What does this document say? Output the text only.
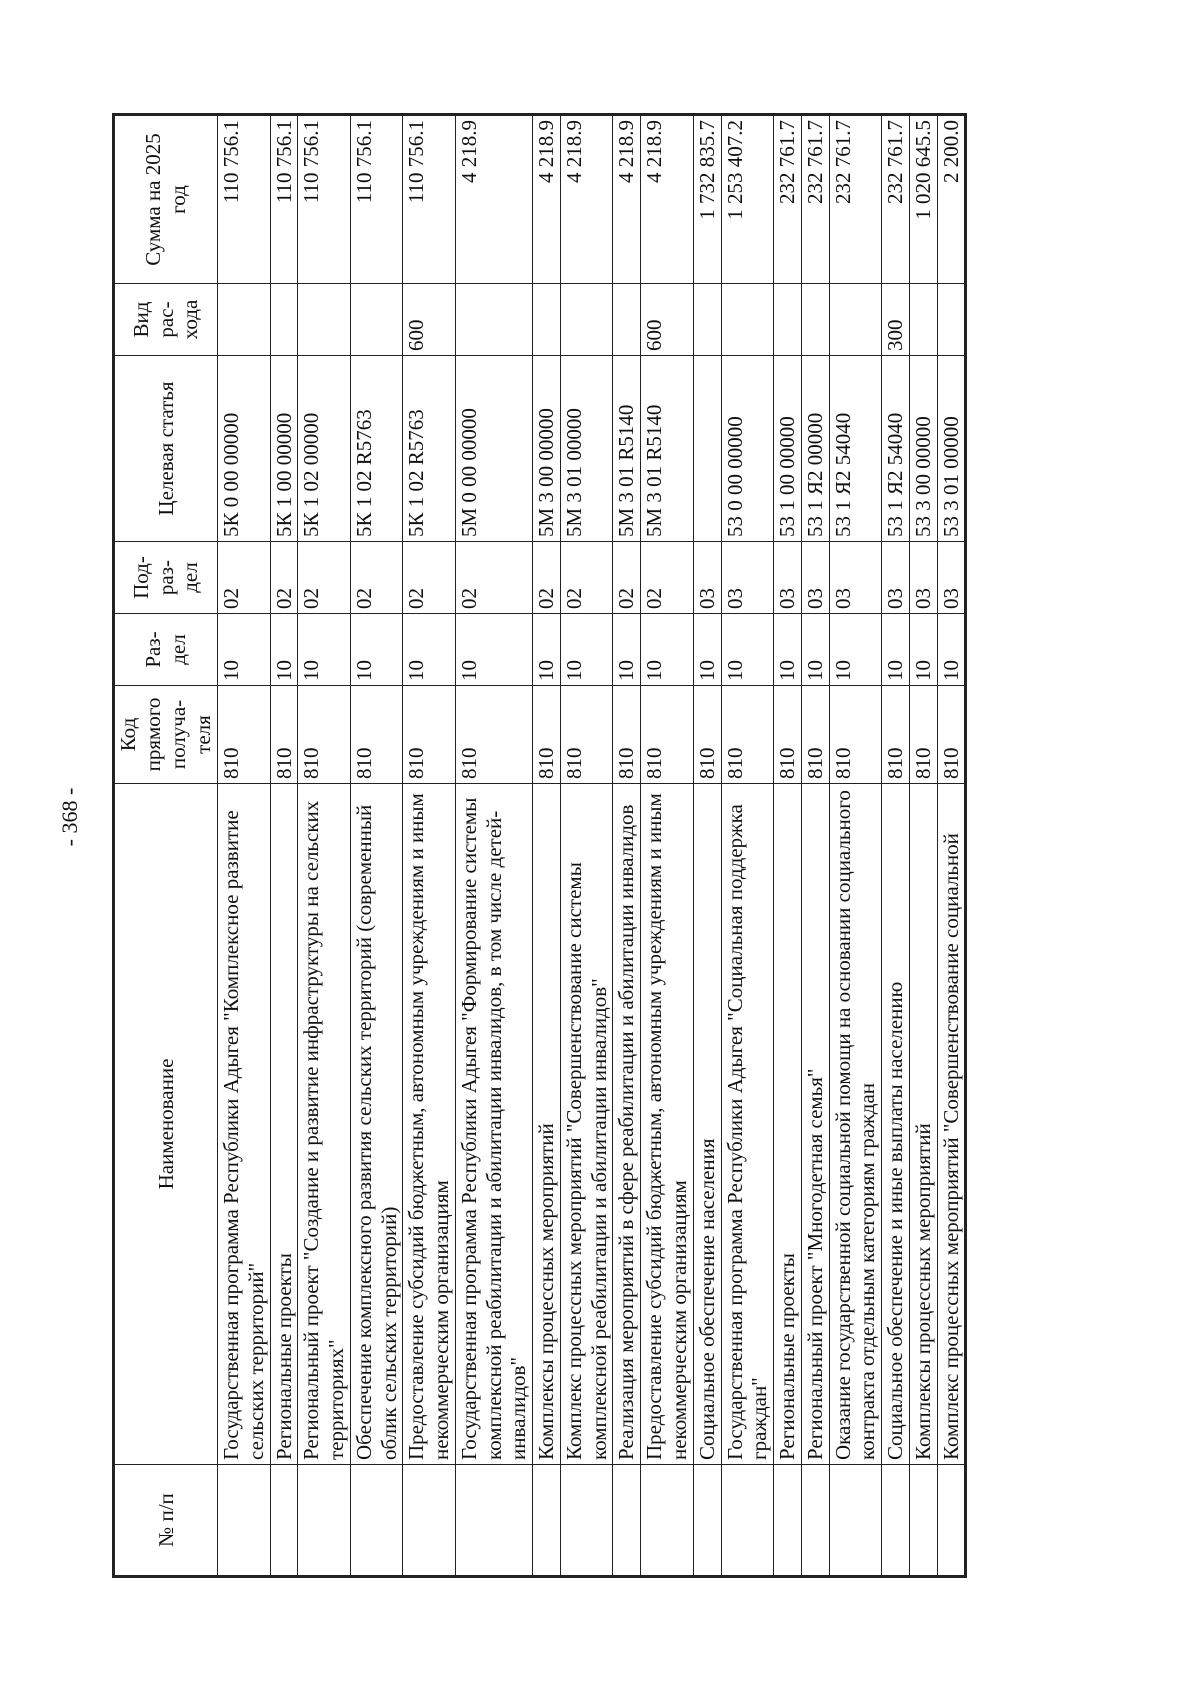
- 368 -
№ п/п	Наименование	Код прямого получа-теля	Раз-дел	Под-раз-дел	Целевая статья	Вид рас-хода	Сумма на 2025 год
	Государственная программа Республики Адыгея "Комплексное развитие сельских территорий"	810	10	02	5К 0 00 00000		110 756.1
	Региональные проекты	810	10	02	5К 1 00 00000		110 756.1
	Региональный проект "Создание и развитие инфраструктуры на сельских территориях"	810	10	02	5К 1 02 00000		110 756.1
	Обеспечение комплексного развития сельских территорий (современный облик сельских территорий)	810	10	02	5К 1 02 R5763		110 756.1
	Предоставление субсидий бюджетным, автономным учреждениям и иным некоммерческим организациям	810	10	02	5К 1 02 R5763	600	110 756.1
	Государственная программа Республики Адыгея "Формирование системы комплексной реабилитации и абилитации инвалидов, в том числе детей-инвалидов"	810	10	02	5М 0 00 00000		4 218.9
	Комплексы процессных мероприятий	810	10	02	5М 3 00 00000		4 218.9
	Комплекс процессных мероприятий "Совершенствование системы комплексной реабилитации и абилитации инвалидов"	810	10	02	5М 3 01 00000		4 218.9
	Реализация мероприятий в сфере реабилитации и абилитации инвалидов	810	10	02	5М 3 01 R5140		4 218.9
	Предоставление субсидий бюджетным, автономным учреждениям и иным некоммерческим организациям	810	10	02	5М 3 01 R5140	600	4 218.9
	Социальное обеспечение населения	810	10	03			1 732 835.7
	Государственная программа Республики Адыгея "Социальная поддержка граждан"	810	10	03	53 0 00 00000		1 253 407.2
	Региональные проекты	810	10	03	53 1 00 00000		232 761.7
	Региональный проект "Многодетная семья"	810	10	03	53 1 Я2 00000		232 761.7
	Оказание государственной социальной помощи на основании социального контракта отдельным категориям граждан	810	10	03	53 1 Я2 54040		232 761.7
	Социальное обеспечение и иные выплаты населению	810	10	03	53 1 Я2 54040	300	232 761.7
	Комплексы процессных мероприятий	810	10	03	53 3 00 00000		1 020 645.5
	Комплекс процессных мероприятий "Совершенствование социальной	810	10	03	53 3 01 00000		2 200.0
